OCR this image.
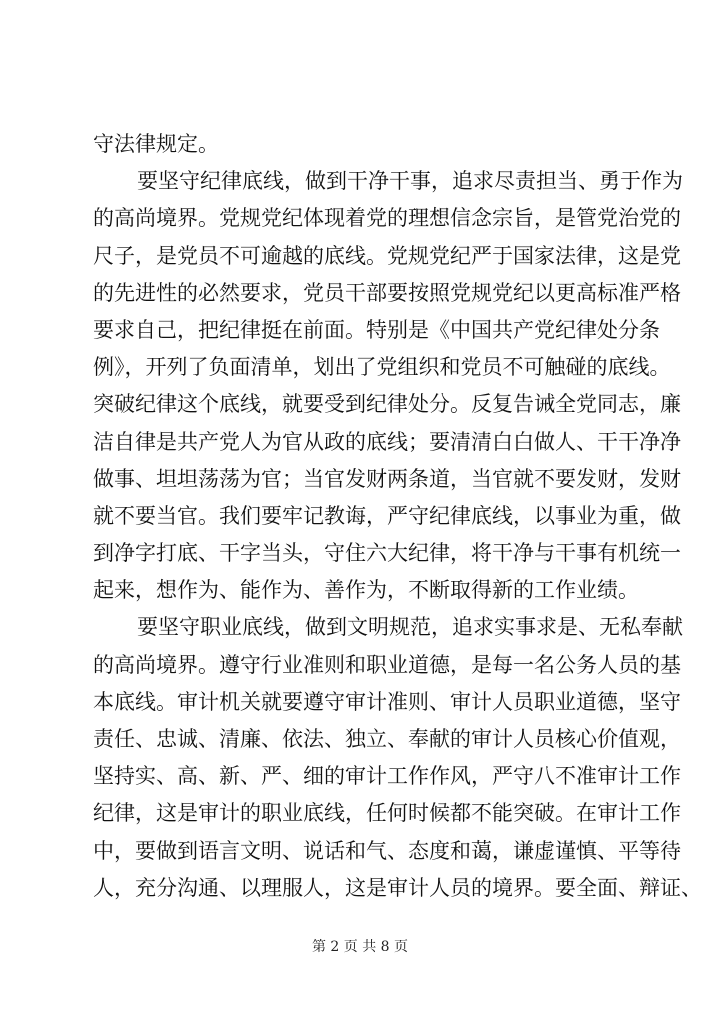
守法律规定。
要坚守纪律底线，做到干净干事，追求尽责担当、勇于作为
的高尚境界。党规党纪体现着党的理想信念宗旨，是管党治党的
尺子，是党员不可逾越的底线。党规党纪严于国家法律，这是党
的先进性的必然要求，党员干部要按照党规党纪以更高标准严格
要求自己，把纪律挺在前面。特别是《中国共产党纪律处分条
例》，开列了负面清单，划出了党组织和党员不可触碰的底线。
突破纪律这个底线，就要受到纪律处分。反复告诫全党同志，廉
洁自律是共产党人为官从政的底线；要清清白白做人、干干净净
做事、坦坦荡荡为官；当官发财两条道，当官就不要发财，发财
就不要当官。我们要牢记教诲，严守纪律底线，以事业为重，做
到净字打底、干字当头，守住六大纪律，将干净与干事有机统一
起来，想作为、能作为、善作为，不断取得新的工作业绩。
要坚守职业底线，做到文明规范，追求实事求是、无私奉献
的高尚境界。遵守行业准则和职业道德，是每一名公务人员的基
本底线。审计机关就要遵守审计准则、审计人员职业道德，坚守
责任、忠诚、清廉、依法、独立、奉献的审计人员核心价值观，
坚持实、高、新、严、细的审计工作作风，严守八不准审计工作
纪律，这是审计的职业底线，任何时候都不能突破。在审计工作
中，要做到语言文明、说话和气、态度和蔼，谦虚谨慎、平等待
人，充分沟通、以理服人，这是审计人员的境界。要全面、辩证、
第 2 页 共 8 页
